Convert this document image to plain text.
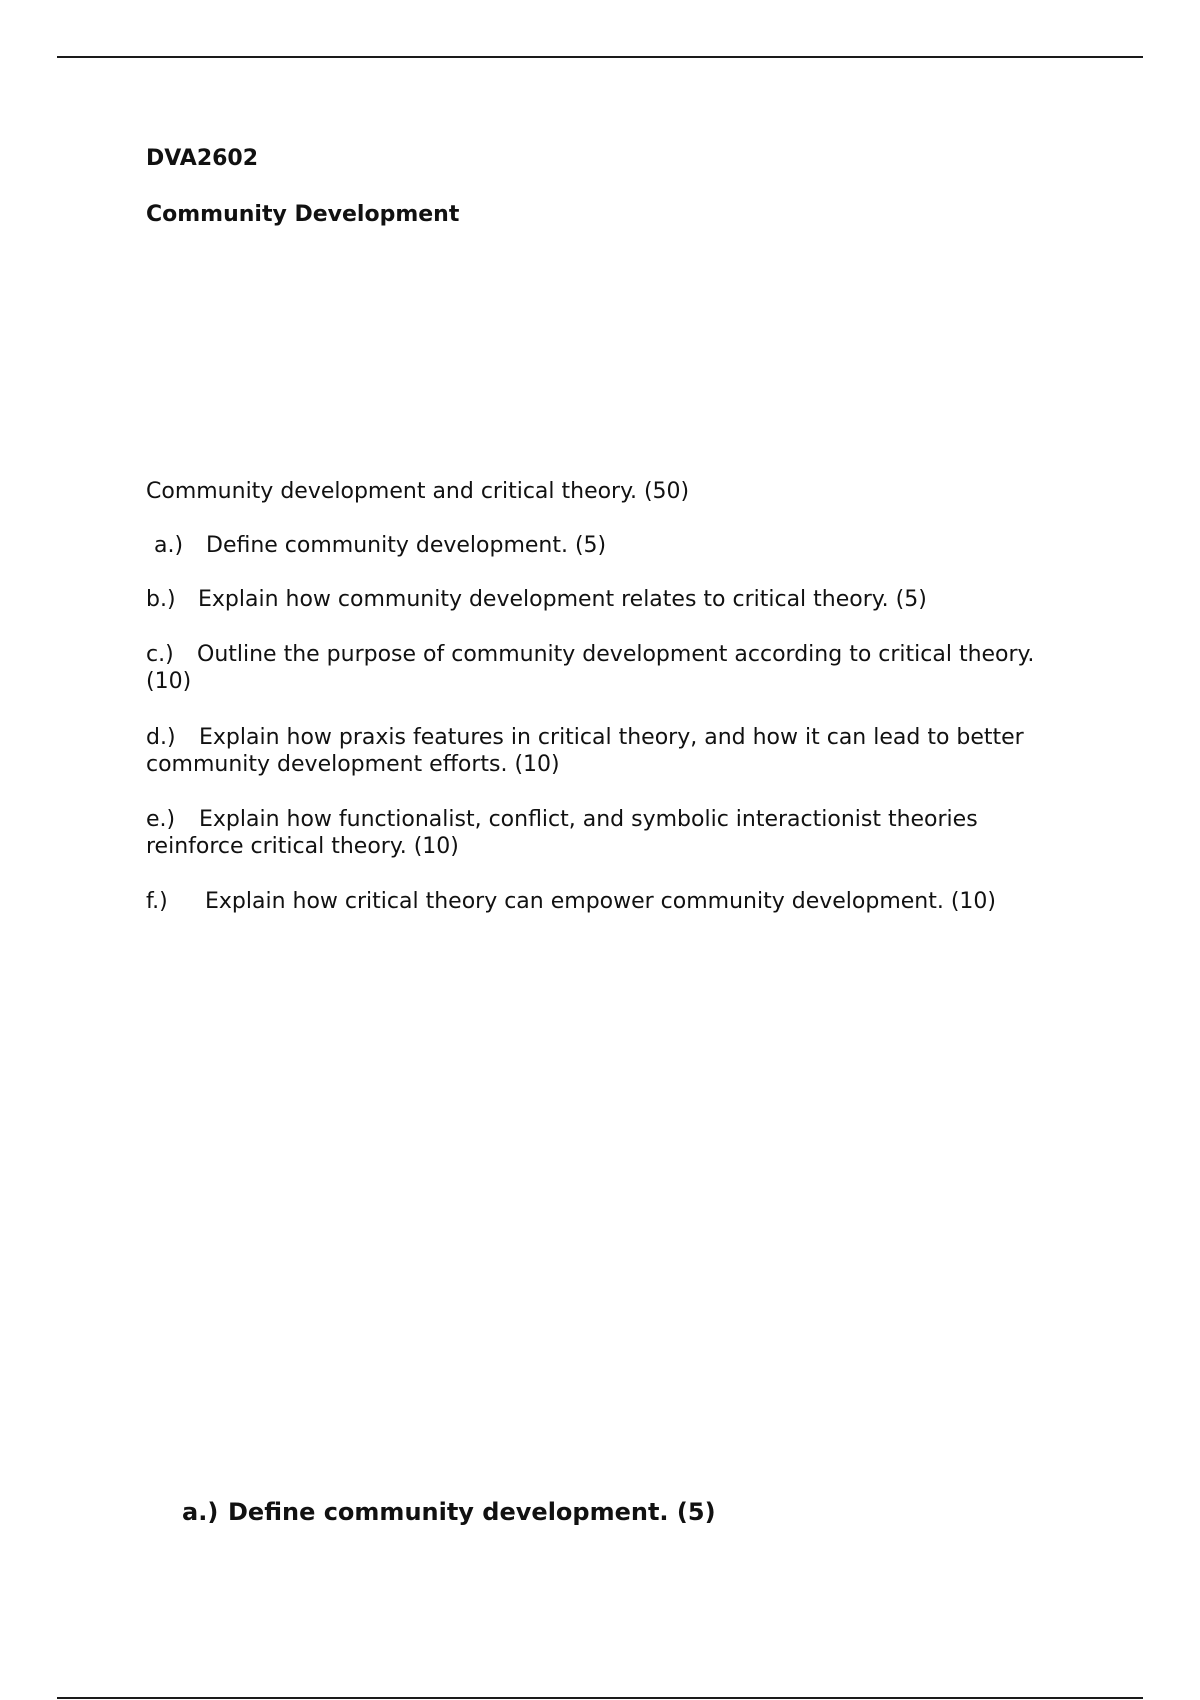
DVA2602

Community Development

Community development and critical theory. (50)

a.) Define community development. (5)

b.) Explain how community development relates to critical theory. (5)

c.) Outline the purpose of community development according to critical theory. (10)

d.) Explain how praxis features in critical theory, and how it can lead to better community development efforts. (10)

e.) Explain how functionalist, conflict, and symbolic interactionist theories reinforce critical theory. (10)

f.) Explain how critical theory can empower community development. (10)

a.) Define community development. (5)
